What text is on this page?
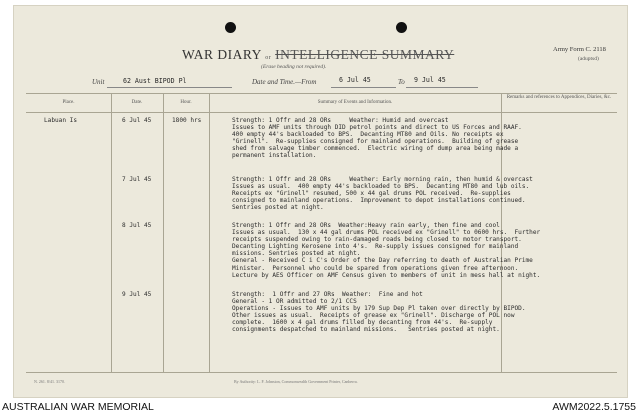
WAR DIARY or INTELLIGENCE SUMMARY
(Erase heading not required).
Army Form C. 2118
(aduptsd)
Unit	62 Aust BIPOD Pl	Date and Time.—From	6 Jul 45	To 9 Jul 45
Place.	Date.	Hour.	Summary of Events and Information.
Remarks and references to Appendices, Diaries, &c.
Labuan Is	6 Jul 45	1800 hrs	Strength: 1 Offr and 28 ORs     Weather: Humid and overcast
Issues to AMF units through DID petrol points and direct to US Forces and RAAF.
400 empty 44's backloaded to BPS.  Decanting MT80 and Oils. No receipts ex
"Grinell".  Re-supplies consigned for mainland operations.  Building of grease
shed from salvage timber commenced.  Electric wiring of dump area being made a
permanent installation.
7 Jul 45	Strength: 1 Offr and 28 ORs     Weather: Early morning rain, then humid & overcast
Issues as usual.  400 empty 44's backloaded to BPS.  Decanting MT80 and lub oils.
Receipts ex "Grinell" resumed, 500 x 44 gal drums POL received.  Re-supplies
consigned to mainland operations.  Improvement to depot installations continued.
Sentries posted at night.
8 Jul 45	Strength: 1 Offr and 28 ORs  Weather:Heavy rain early, then fine and cool
Issues as usual.  130 x 44 gal drums POL received ex "Grinell" to 0600 hrs.  Further
receipts suspended owing to rain-damaged roads being closed to motor transport.
Decanting Lighting Kerosene into 4's.  Re-supply issues consigned for mainland
missions. Sentries posted at night.
General - Received C i C's Order of the Day referring to death of Australian Prime
Minister.  Personnel who could be spared from operations given free afternoon.
Lecture by AES Officer on AMF Census given to members of unit in mess hall at night.
9 Jul 45	Strength:  1 Offr and 27 ORs  Weather:  Fine and hot
General - 1 OR admitted to 2/1 CCS
Operations - Issues to AMF units by 179 Sup Dep Pl taken over directly by BIPOD.
Other issues as usual.  Receipts of grease ex "Grinell". Discharge of POL now
complete.  1600 x 4 gal drums filled by decanting from 44's.  Re-supply
consignments despatched to mainland missions.   Sentries posted at night.
N. 261. 8/41. 3170.	By Authority: L. F. Johnston, Commonwealth Government Printer, Canberra.
AUSTRALIAN WAR MEMORIAL	AWM2022.5.1755
